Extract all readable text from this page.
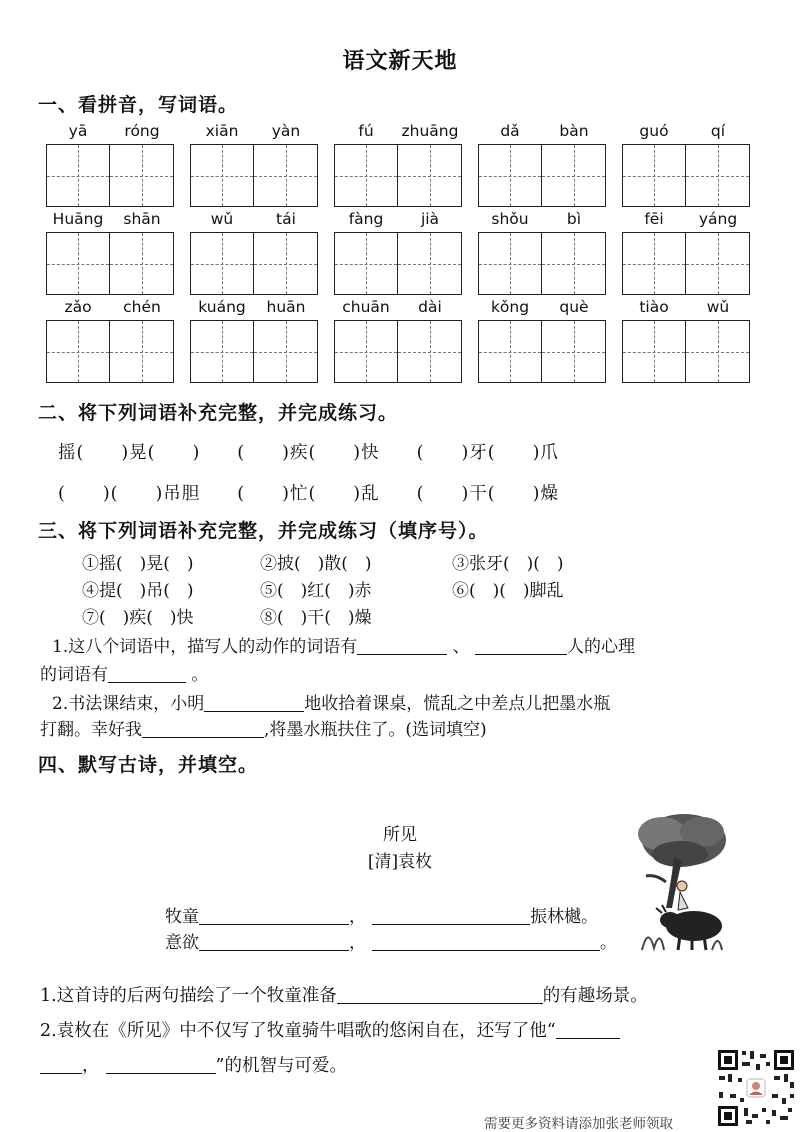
语文新天地
一、看拼音，写词语。
yā	róng	xiān	yàn	fú	zhuāng	dǎ	bàn	guó	qí
Huāng	shān	wǔ	tái	fàng	jià	shǒu	bì	fēi	yáng
zǎo	chén	kuáng	huān	chuān	dài	kǒng	què	tiào	wǔ
二、将下列词语补充完整，并完成练习。
摇(　　)晃(　　)　　(　　)疾(　　)快　　(　　)牙(　　)爪
(　　)(　　)吊胆　　(　　)忙(　　)乱　　(　　)干(　　)燥
三、将下列词语补充完整，并完成练习（填序号）。
①摇(　)晃(　)	②披(　)散(　)	③张牙(　)(　)
④提(　)吊(　)	⑤(　)红(　)赤	⑥(　)(　)脚乱
⑦(　)疾(　)快	⑧(　)干(　)燥
1.这八个词语中，描写人的动作的词语有	、	人的心理
的词语有	。
2.书法课结束，小明	地收拾着课桌，慌乱之中差点儿把墨水瓶
打翻。幸好我	,将墨水瓶扶住了。(选词填空)
四、默写古诗，并填空。
所见
[清]袁枚
牧童	，	振林樾。
意欲	，	。
1.这首诗的后两句描绘了一个牧童准备	的有趣场景。
2.袁枚在《所见》中不仅写了牧童骑牛唱歌的悠闲自在，还写了他“
，	”的机智与可爱。
需要更多资料请添加张老师领取
